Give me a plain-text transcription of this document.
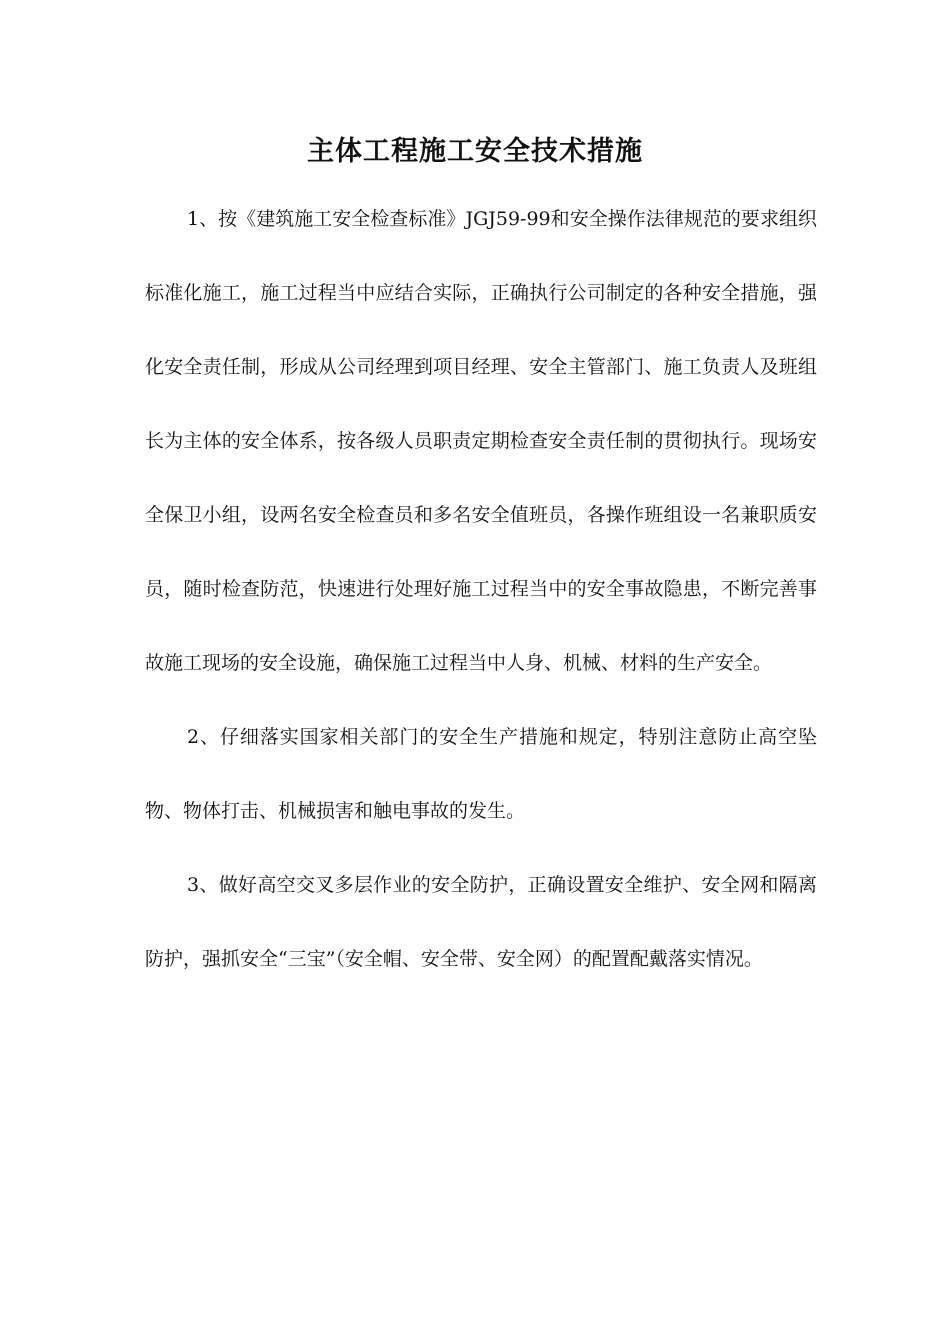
主体工程施工安全技术措施

1、按《建筑施工安全检查标准》JGJ59-99和安全操作法律规范的要求组织标准化施工，施工过程当中应结合实际，正确执行公司制定的各种安全措施，强化安全责任制，形成从公司经理到项目经理、安全主管部门、施工负责人及班组长为主体的安全体系，按各级人员职责定期检查安全责任制的贯彻执行。现场安全保卫小组，设两名安全检查员和多名安全值班员，各操作班组设一名兼职质安员，随时检查防范，快速进行处理好施工过程当中的安全事故隐患，不断完善事故施工现场的安全设施，确保施工过程当中人身、机械、材料的生产安全。

2、仔细落实国家相关部门的安全生产措施和规定，特别注意防止高空坠物、物体打击、机械损害和触电事故的发生。

3、做好高空交叉多层作业的安全防护，正确设置安全维护、安全网和隔离防护，强抓安全“三宝”（安全帽、安全带、安全网）的配置配戴落实情况。
